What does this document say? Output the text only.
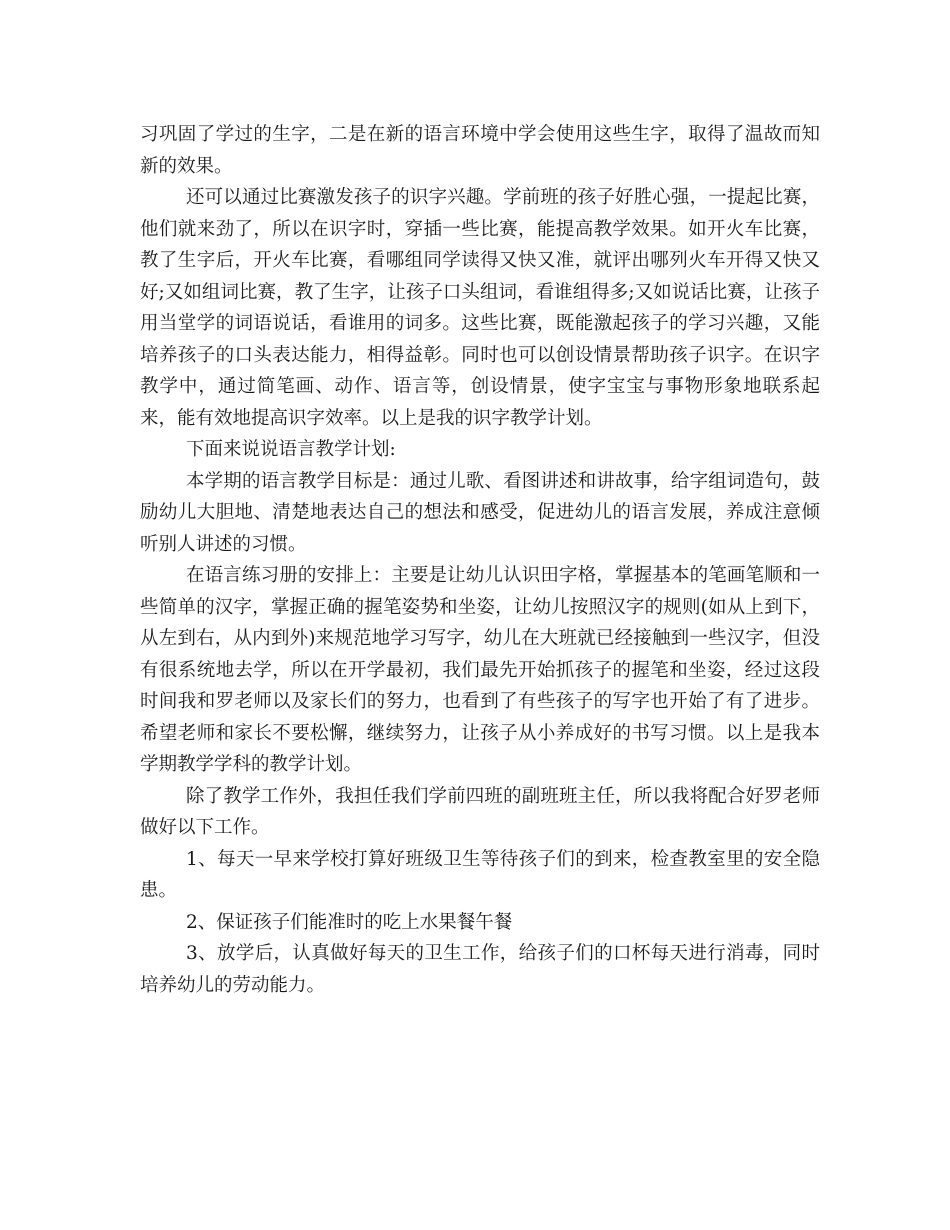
习巩固了学过的生字，二是在新的语言环境中学会使用这些生字，取得了温故而知新的效果。

还可以通过比赛激发孩子的识字兴趣。学前班的孩子好胜心强，一提起比赛，他们就来劲了，所以在识字时，穿插一些比赛，能提高教学效果。如开火车比赛，教了生字后，开火车比赛，看哪组同学读得又快又准，就评出哪列火车开得又快又好;又如组词比赛，教了生字，让孩子口头组词，看谁组得多;又如说话比赛，让孩子用当堂学的词语说话，看谁用的词多。这些比赛，既能激起孩子的学习兴趣，又能培养孩子的口头表达能力，相得益彰。同时也可以创设情景帮助孩子识字。在识字教学中，通过简笔画、动作、语言等，创设情景，使字宝宝与事物形象地联系起来，能有效地提高识字效率。以上是我的识字教学计划。

下面来说说语言教学计划:

本学期的语言教学目标是：通过儿歌、看图讲述和讲故事，给字组词造句，鼓励幼儿大胆地、清楚地表达自己的想法和感受，促进幼儿的语言发展，养成注意倾听别人讲述的习惯。

在语言练习册的安排上：主要是让幼儿认识田字格，掌握基本的笔画笔顺和一些简单的汉字，掌握正确的握笔姿势和坐姿，让幼儿按照汉字的规则(如从上到下，从左到右，从内到外)来规范地学习写字，幼儿在大班就已经接触到一些汉字，但没有很系统地去学，所以在开学最初，我们最先开始抓孩子的握笔和坐姿，经过这段时间我和罗老师以及家长们的努力，也看到了有些孩子的写字也开始了有了进步。希望老师和家长不要松懈，继续努力，让孩子从小养成好的书写习惯。以上是我本学期教学学科的教学计划。

除了教学工作外，我担任我们学前四班的副班班主任，所以我将配合好罗老师做好以下工作。

1、每天一早来学校打算好班级卫生等待孩子们的到来，检查教室里的安全隐患。

2、保证孩子们能准时的吃上水果餐午餐

3、放学后，认真做好每天的卫生工作，给孩子们的口杯每天进行消毒，同时培养幼儿的劳动能力。
